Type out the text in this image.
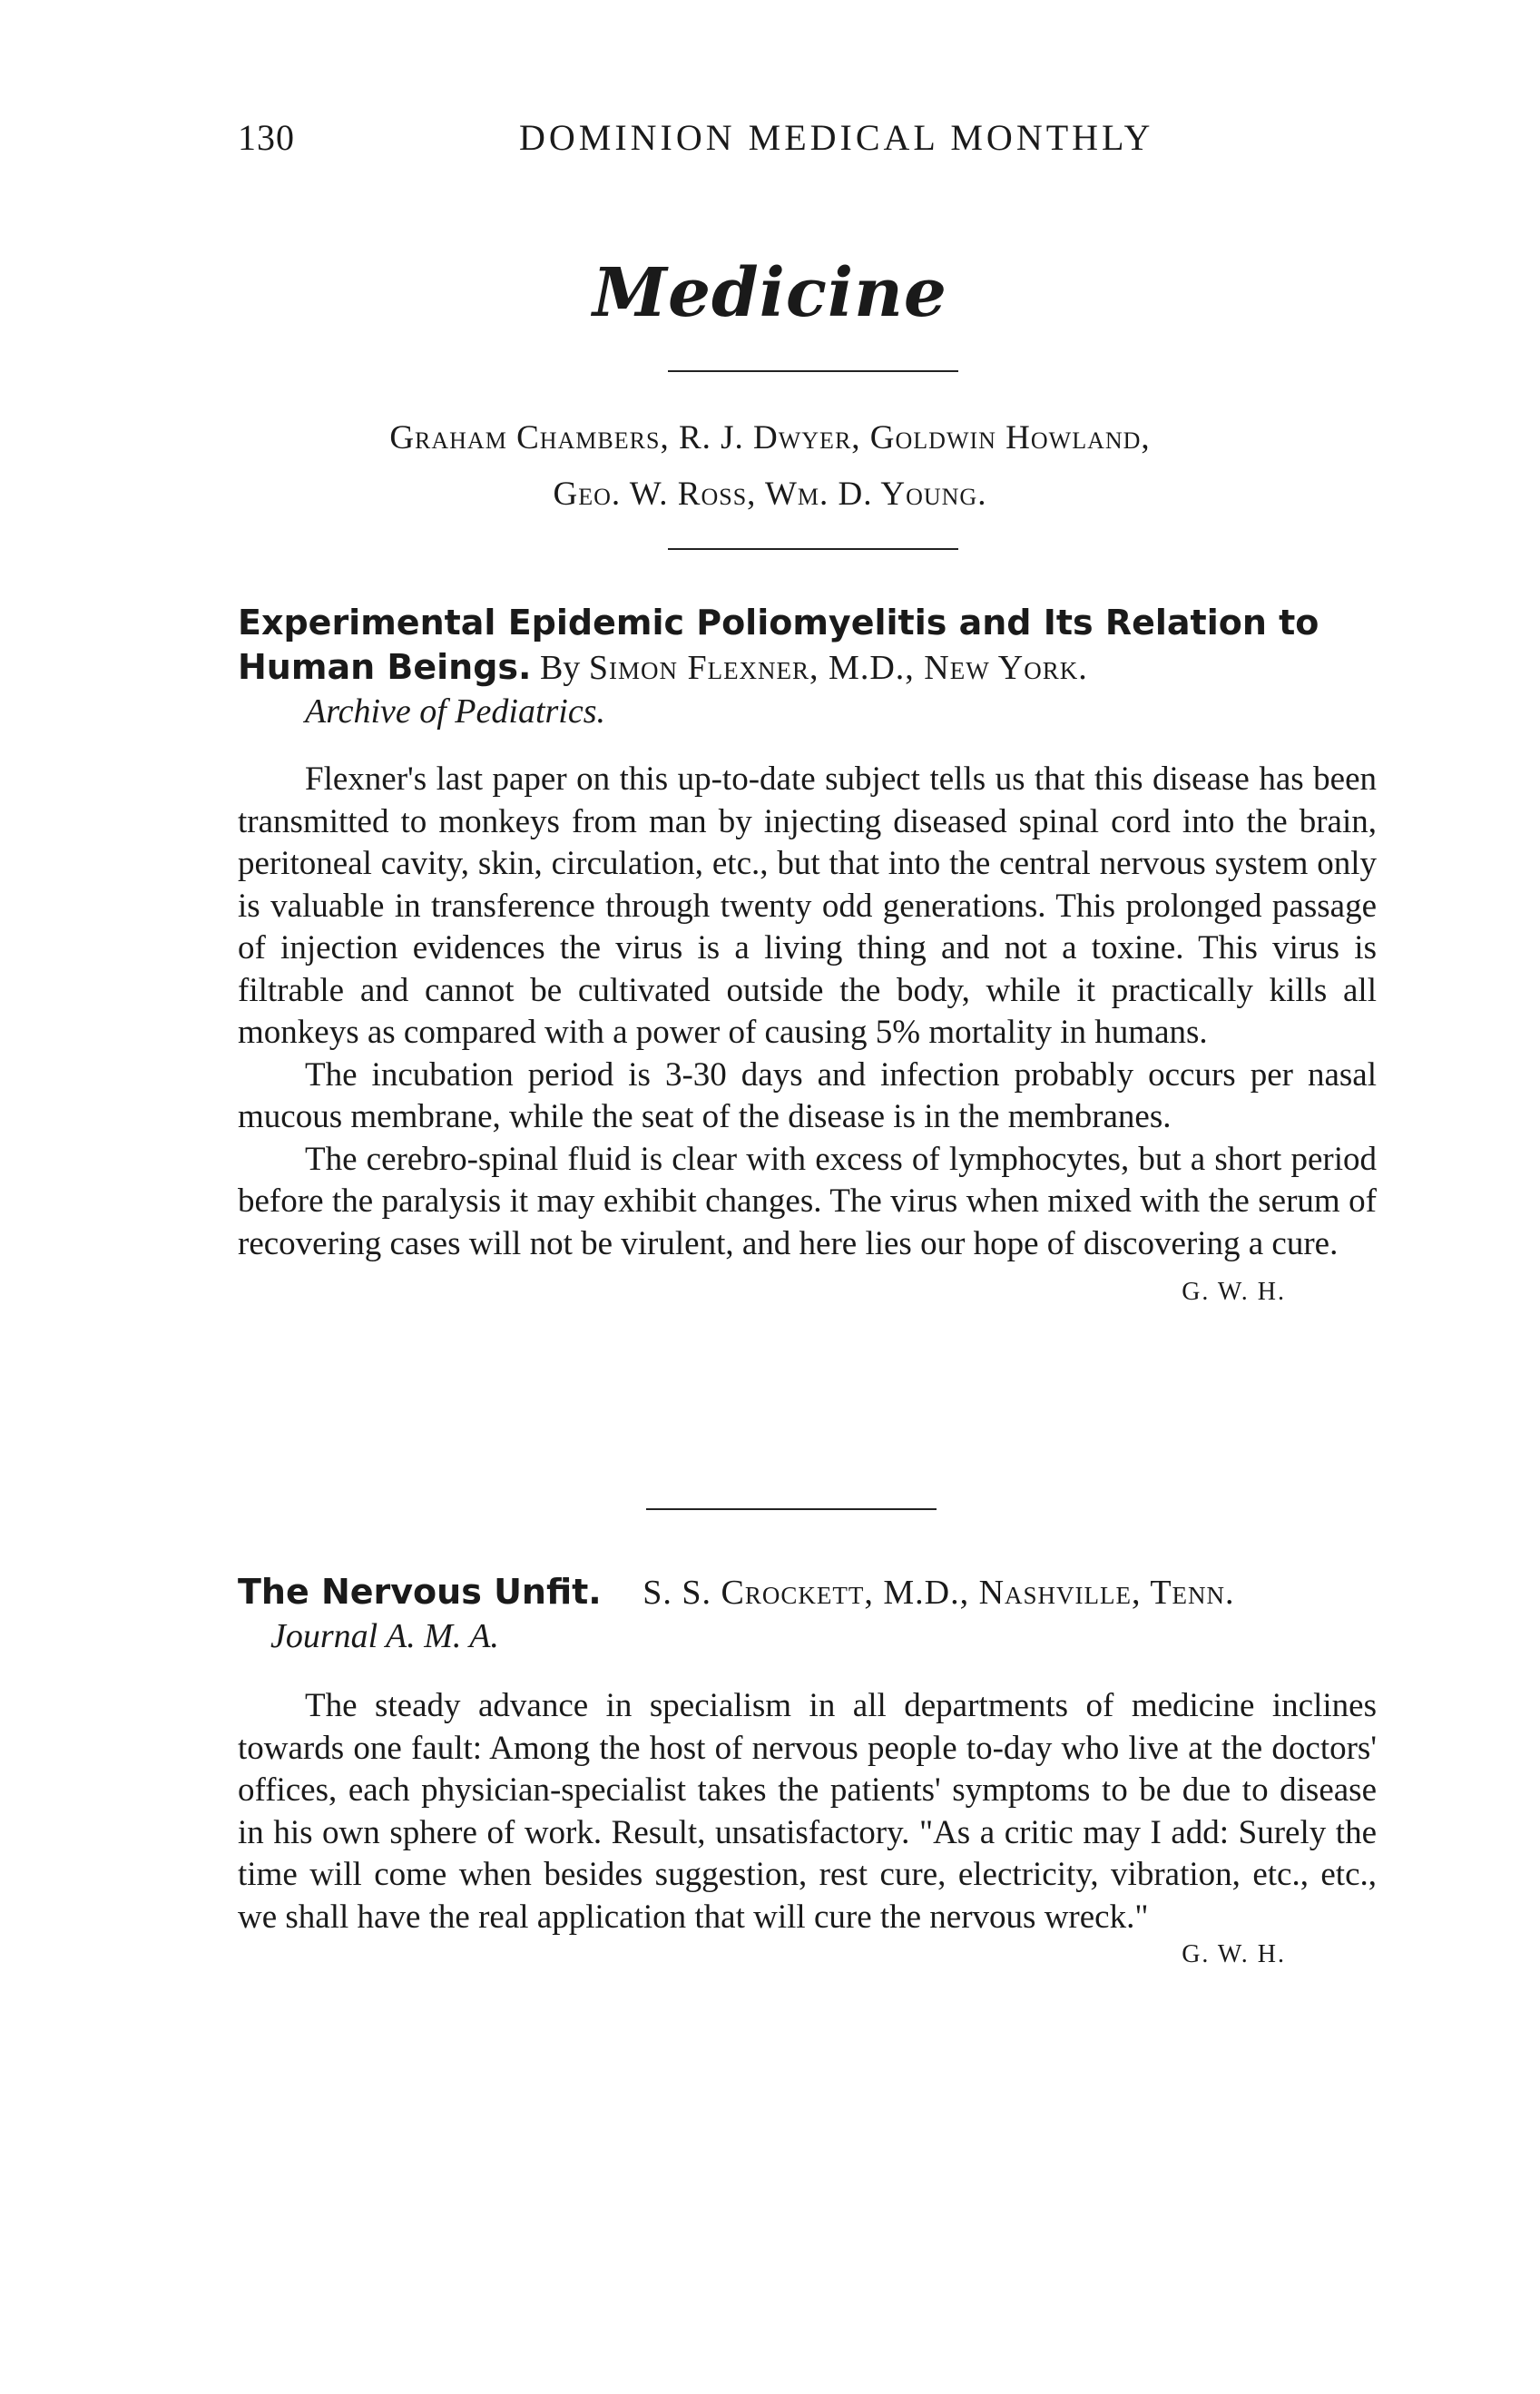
130	DOMINION MEDICAL MONTHLY
Medicine
Graham Chambers, R. J. Dwyer, Goldwin Howland,
Geo. W. Ross, Wm. D. Young.
Experimental Epidemic Poliomyelitis and Its Relation to Human Beings. By Simon Flexner, M.D., New York.
Archive of Pediatrics.

Flexner's last paper on this up-to-date subject tells us that this disease has been transmitted to monkeys from man by injecting diseased spinal cord into the brain, peritoneal cavity, skin, circulation, etc., but that into the central nervous system only is valuable in transference through twenty odd generations. This prolonged passage of injection evidences the virus is a living thing and not a toxine. This virus is filtrable and cannot be cultivated outside the body, while it practically kills all monkeys as compared with a power of causing 5% mortality in humans.

The incubation period is 3-30 days and infection probably occurs per nasal mucous membrane, while the seat of the disease is in the membranes.

The cerebro-spinal fluid is clear with excess of lymphocytes, but a short period before the paralysis it may exhibit changes. The virus when mixed with the serum of recovering cases will not be virulent, and here lies our hope of discovering a cure.

G. W. H.
The Nervous Unfit. S. S. Crockett, M.D., Nashville, Tenn.
Journal A. M. A.

The steady advance in specialism in all departments of medicine inclines towards one fault: Among the host of nervous people to-day who live at the doctors' offices, each physician-specialist takes the patients' symptoms to be due to disease in his own sphere of work. Result, unsatisfactory. "As a critic may I add: Surely the time will come when besides suggestion, rest cure, electricity, vibration, etc., etc., we shall have the real application that will cure the nervous wreck."

G. W. H.
